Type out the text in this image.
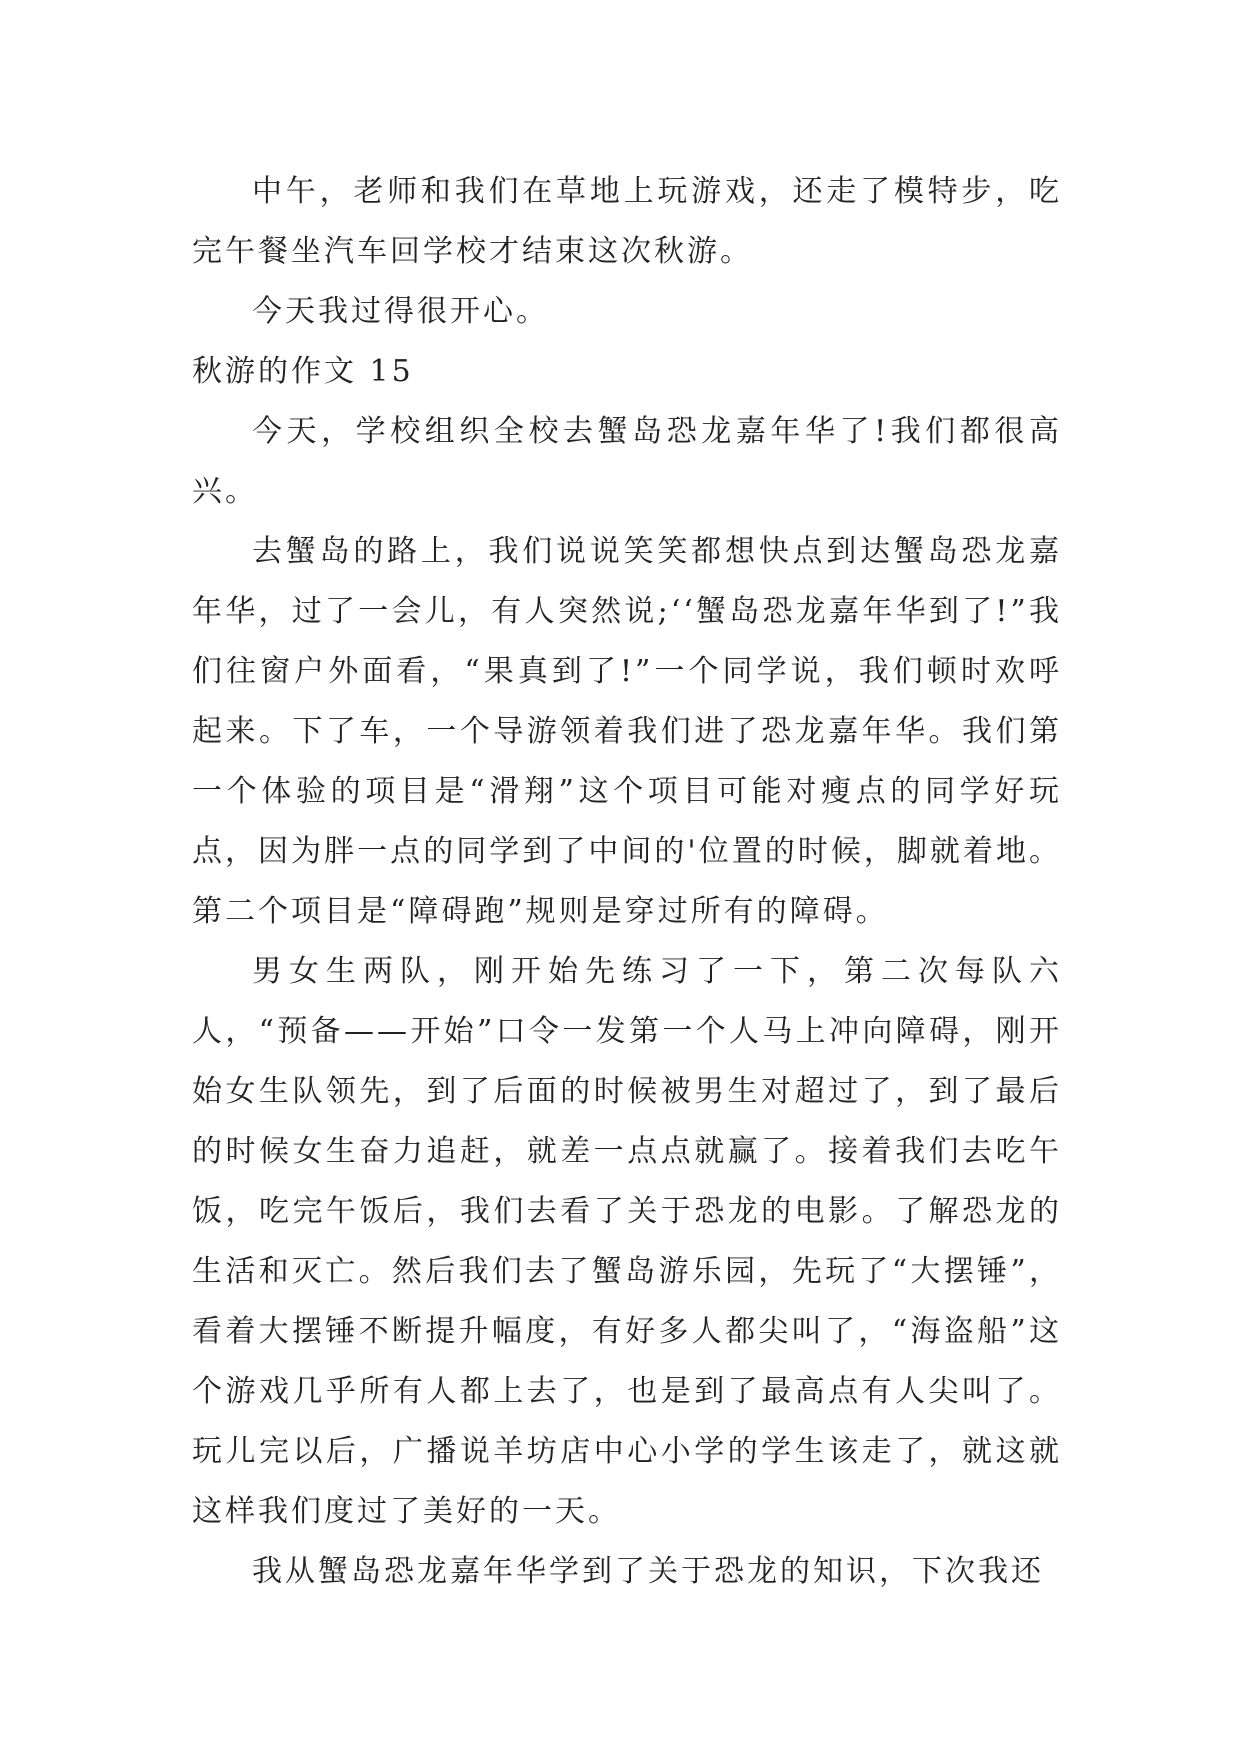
中午，老师和我们在草地上玩游戏，还走了模特步，吃完午餐坐汽车回学校才结束这次秋游。

今天我过得很开心。

秋游的作文 15

今天，学校组织全校去蟹岛恐龙嘉年华了!我们都很高兴。

去蟹岛的路上，我们说说笑笑都想快点到达蟹岛恐龙嘉年华，过了一会儿，有人突然说;‘‘蟹岛恐龙嘉年华到了!”我们往窗户外面看，“果真到了!”一个同学说，我们顿时欢呼起来。下了车，一个导游领着我们进了恐龙嘉年华。我们第一个体验的项目是“滑翔”这个项目可能对瘦点的同学好玩点，因为胖一点的同学到了中间的'位置的时候，脚就着地。第二个项目是“障碍跑”规则是穿过所有的障碍。

男女生两队，刚开始先练习了一下，第二次每队六人，“预备——开始”口令一发第一个人马上冲向障碍，刚开始女生队领先，到了后面的时候被男生对超过了，到了最后的时候女生奋力追赶，就差一点点就赢了。接着我们去吃午饭，吃完午饭后，我们去看了关于恐龙的电影。了解恐龙的生活和灭亡。然后我们去了蟹岛游乐园，先玩了“大摆锤”，看着大摆锤不断提升幅度，有好多人都尖叫了，“海盗船”这个游戏几乎所有人都上去了，也是到了最高点有人尖叫了。玩儿完以后，广播说羊坊店中心小学的学生该走了，就这就这样我们度过了美好的一天。

我从蟹岛恐龙嘉年华学到了关于恐龙的知识，下次我还
